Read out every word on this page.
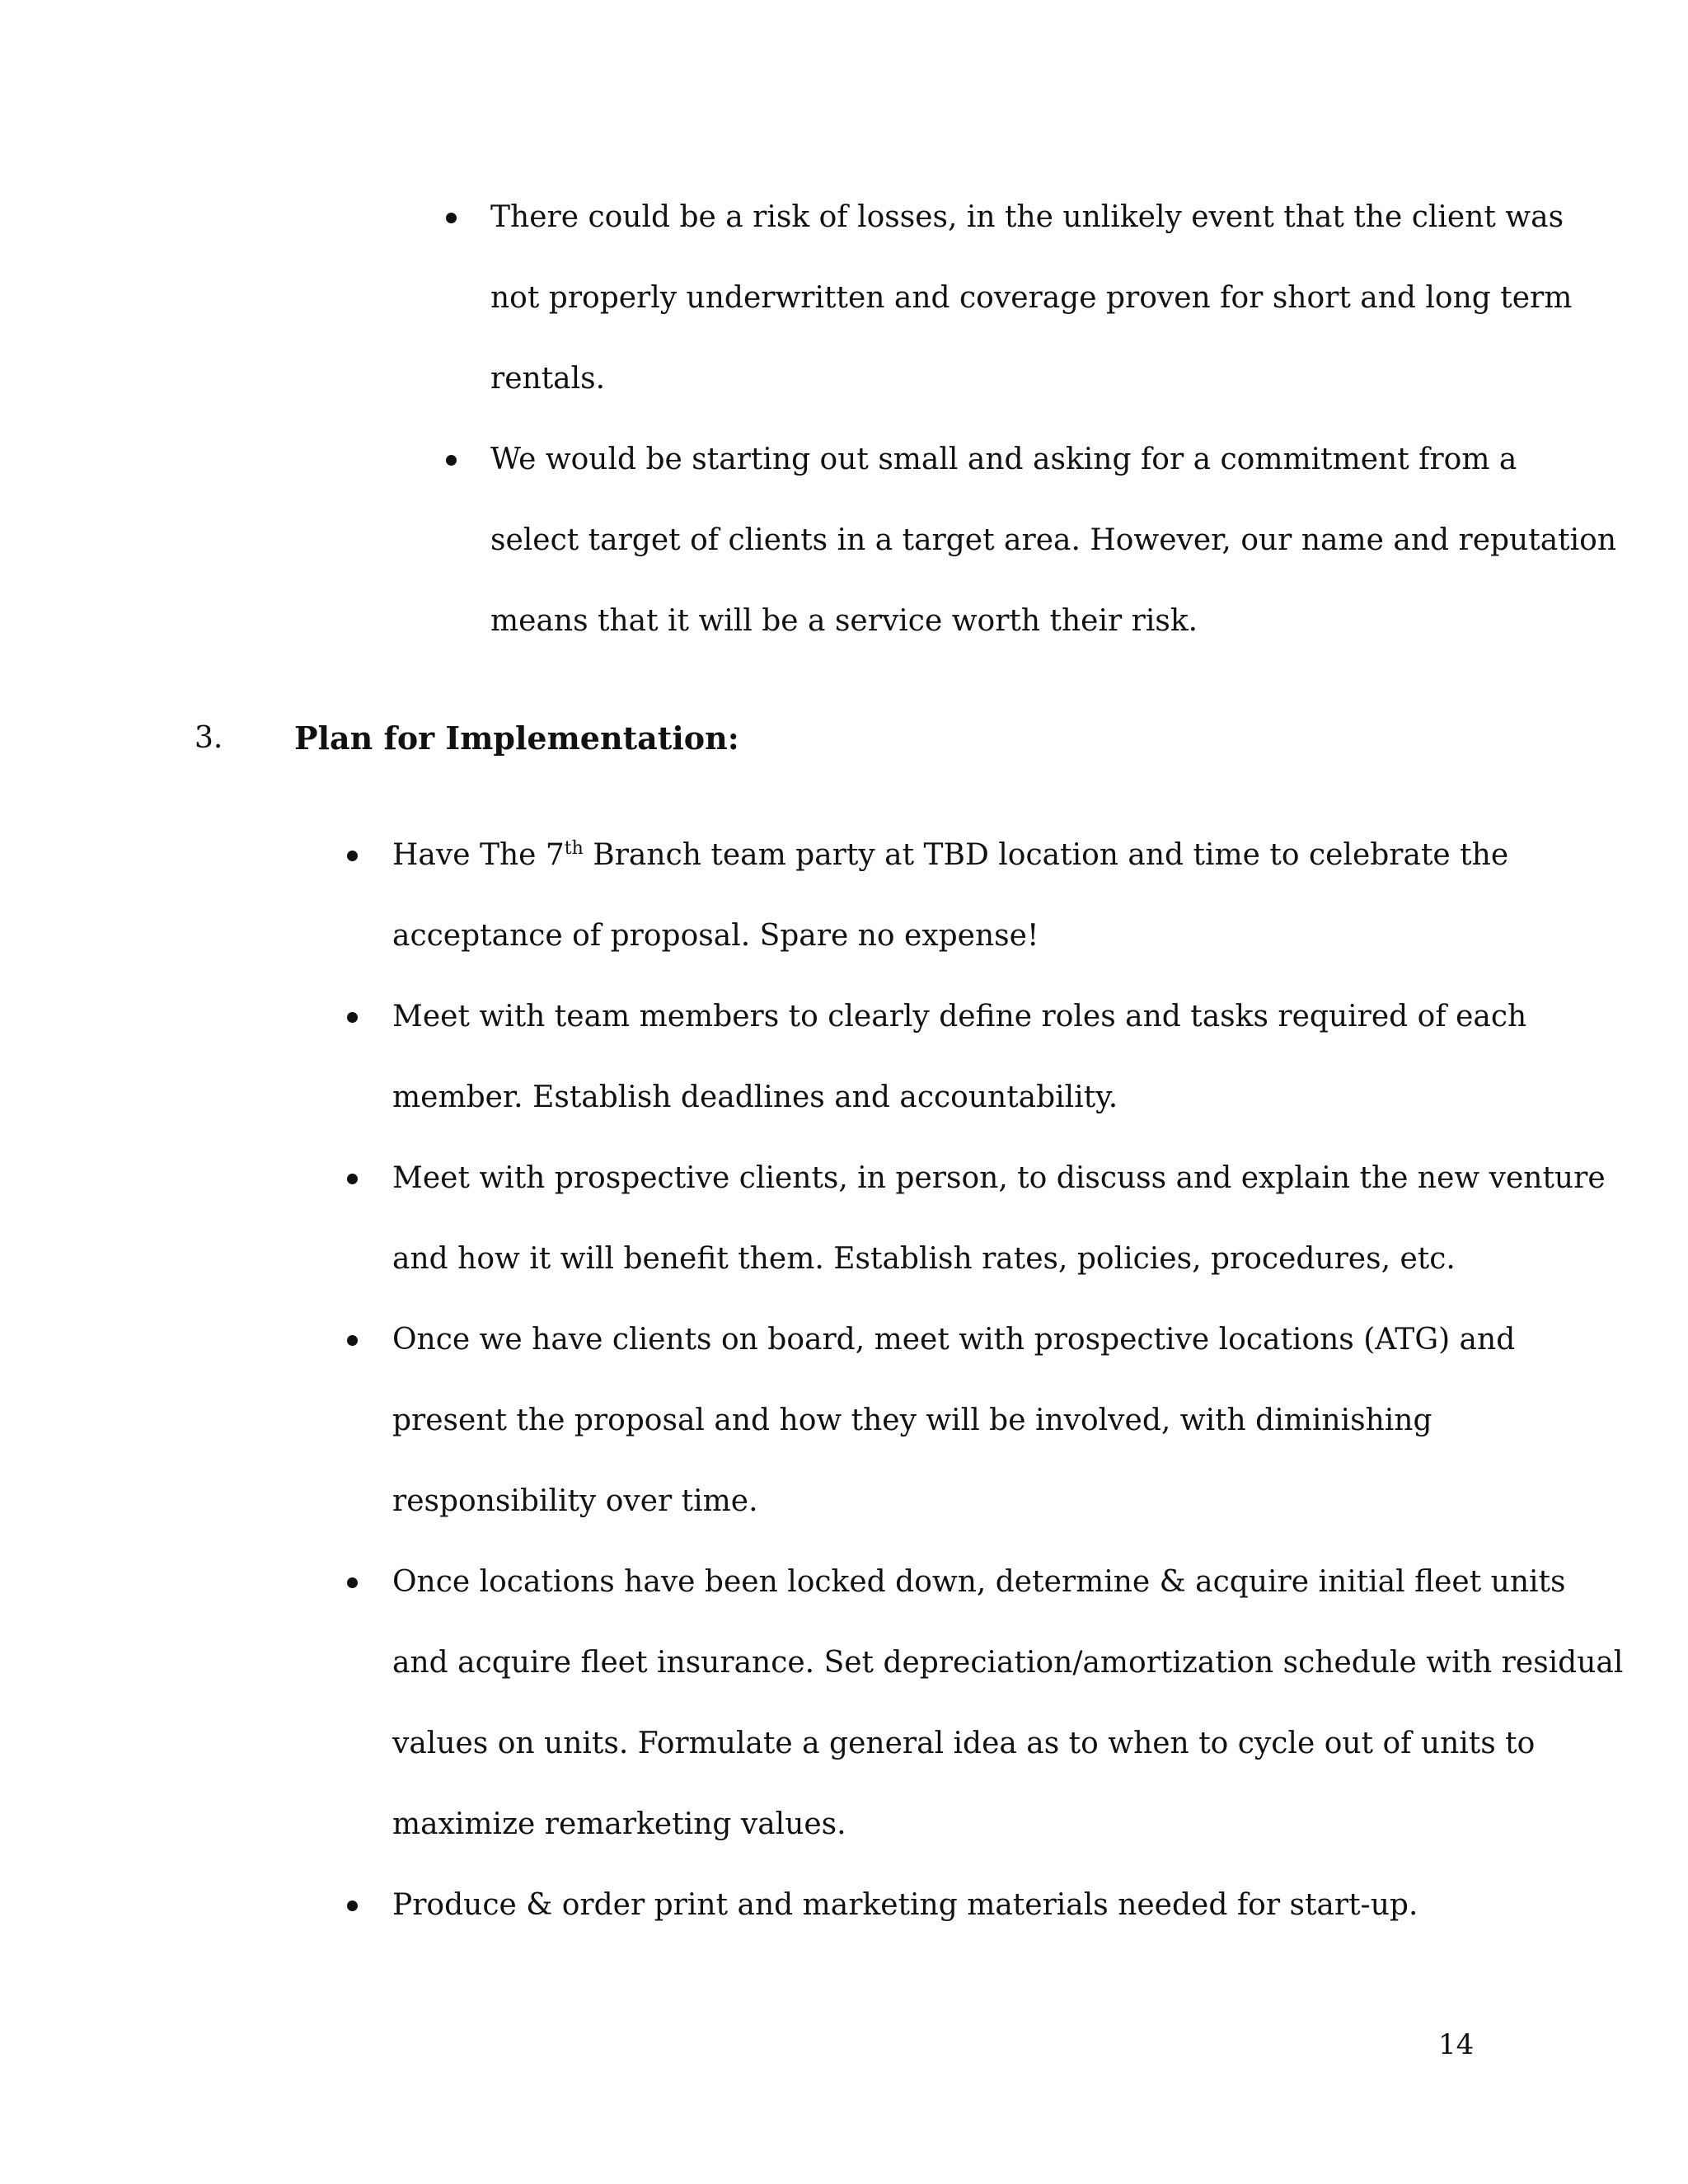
There could be a risk of losses, in the unlikely event that the client was
not properly underwritten and coverage proven for short and long term
rentals.
We would be starting out small and asking for a commitment from a
select target of clients in a target area. However, our name and reputation
means that it will be a service worth their risk.
3. Plan for Implementation:
Have The 7th Branch team party at TBD location and time to celebrate the
acceptance of proposal. Spare no expense!
Meet with team members to clearly define roles and tasks required of each
member. Establish deadlines and accountability.
Meet with prospective clients, in person, to discuss and explain the new venture
and how it will benefit them. Establish rates, policies, procedures, etc.
Once we have clients on board, meet with prospective locations (ATG) and
present the proposal and how they will be involved, with diminishing
responsibility over time.
Once locations have been locked down, determine & acquire initial fleet units
and acquire fleet insurance. Set depreciation/amortization schedule with residual
values on units. Formulate a general idea as to when to cycle out of units to
maximize remarketing values.
Produce & order print and marketing materials needed for start-up.
14
